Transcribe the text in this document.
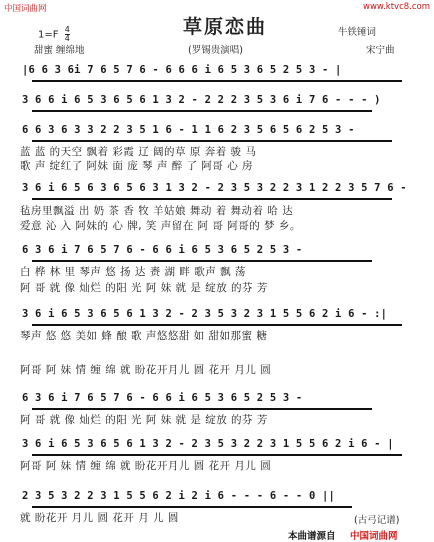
中国词曲网	www.ktvc8.com
草原恋曲
$1=F \frac{4}{4}$
甜蜜 缠绵地	(罗锡贵演唱)
牛铁锤词
宋宁曲
|6 6 3 6i 7 6 5 7 6 - 6 6 6 i 6 5 3 6 5 2 5 3 - |
3 6 6 i 6 5 3 6 5 6 1 3 2 - 2 2 2 3 5 3 6 i 7 6 - - - )
6 6 3 6 3 3 2 2 3 5 1 6 - 1 1 6 2 3 5 6 5 6 2 5 3 -
蓝 蓝 的天空 飘着 彩霞 辽 阔的草 原 奔着 骏 马
歌 声 绽红了 阿妹 面 庞 琴 声 醉 了 阿哥 心 房
3 6 i 6 5 6 3 6 5 6 3 1 3 2 - 2 3 5 3 2 2 3 1 2 2 3 5 7 6 -
毡房里飘溢 出 奶 茶 香 牧 羊姑娘 舞动 着 舞动着 哈 达
爱意 沁 入 阿妹的 心 牌, 笑 声留在 阿 哥 阿哥的 梦 乡。
6 3 6 i 7 6 5 7 6 - 6 6 i 6 5 3 6 5 2 5 3 -
白 桦 林 里 琴声 悠 扬 达 赉 湖 畔 歌声 飘 荡
阿 哥 就 像 灿烂 的阳 光 阿 妹 就 是 绽放 的芬 芳
3 6 i 6 5 3 6 5 6 1 3 2 - 2 3 5 3 2 3 1 5 5 6 2 i 6 - :|
琴声 悠 悠 美如 蜂 酿 歌 声悠悠甜 如 甜如那蜜 糖
阿哥 阿 妹 情 缠 绵 就 盼花开月儿 圆 花开 月儿 圆
6 3 6 i 7 6 5 7 6 - 6 6 i 6 5 3 6 5 2 5 3 -
阿 哥 就 像 灿烂 的阳 光 阿 妹 就 是 绽放 的芬 芳
3 6 i 6 5 3 6 5 6 1 3 2 - 2 3 5 3 2 2 3 1 5 5 6 2 i 6 - |
阿哥 阿 妹 情 缠 绵 就 盼花开月儿 圆 花开 月儿 圆
2 3 5 3 2 2 3 1 5 5 6 2 i 2 i 6 - - - 6 - - 0 ||
就 盼花开 月儿 圆 花开 月 儿 圆	(古弓记谱)
本曲谱源自 中国词曲网
